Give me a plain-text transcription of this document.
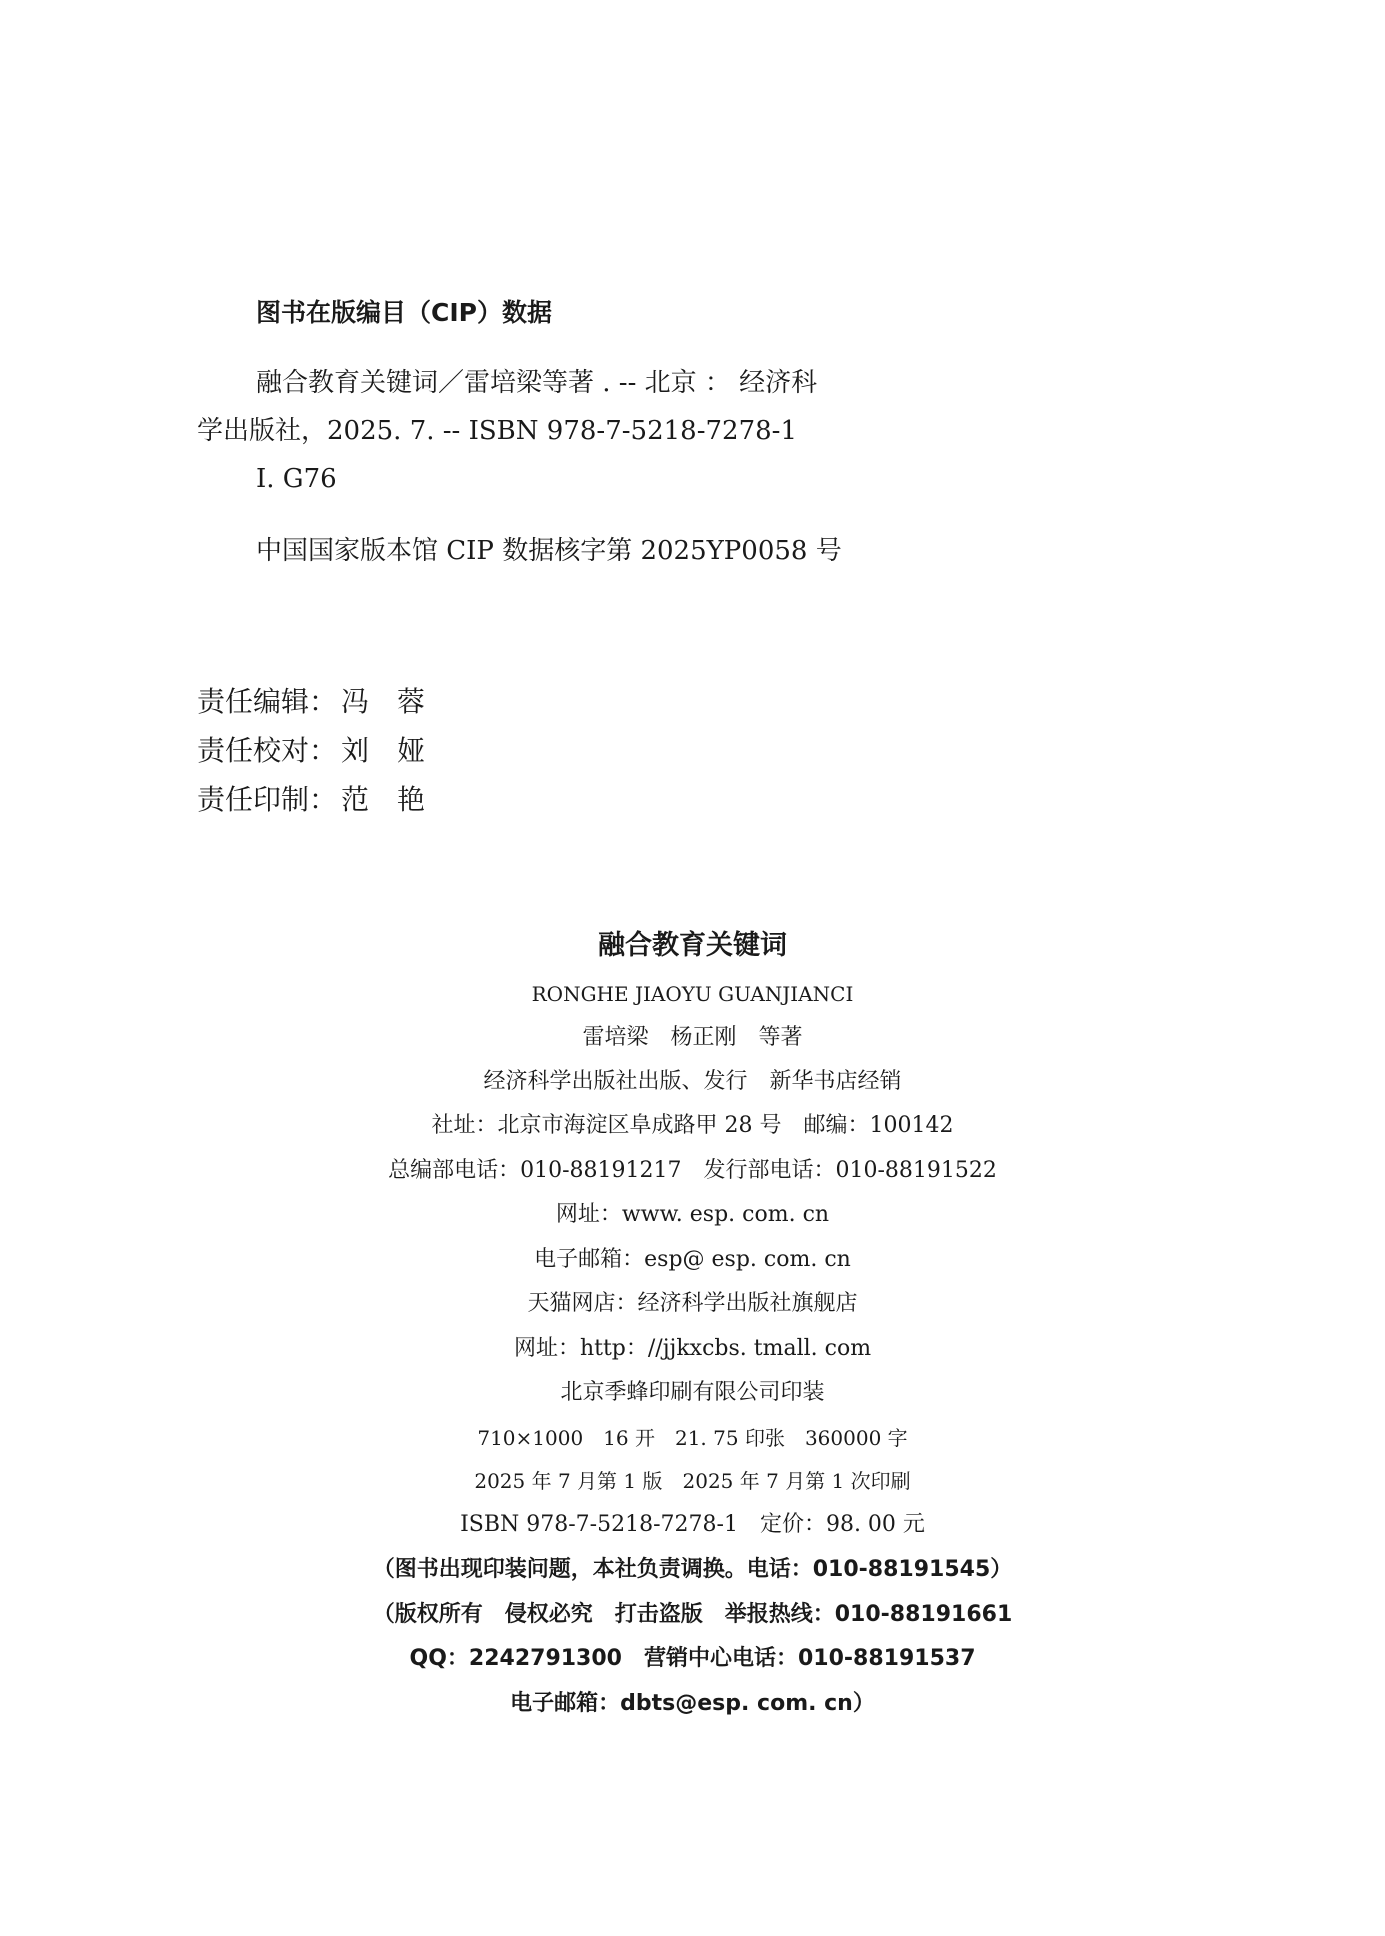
图书在版编目（CIP）数据
融合教育关键词／雷培梁等著 . -- 北京 ： 经济科
学出版社，2025. 7. -- ISBN 978-7-5218-7278-1
Ⅰ. G76
中国国家版本馆 CIP 数据核字第 2025YP0058 号
责任编辑： 冯　蓉
责任校对： 刘　娅
责任印制： 范　艳
融合教育关键词
RONGHE JIAOYU GUANJIANCI
雷培梁　杨正刚　等著
经济科学出版社出版、发行　新华书店经销
社址：北京市海淀区阜成路甲 28 号　邮编：100142
总编部电话：010-88191217　发行部电话：010-88191522
网址：www. esp. com. cn
电子邮箱：esp@ esp. com. cn
天猫网店：经济科学出版社旗舰店
网址：http：//jjkxcbs. tmall. com
北京季蜂印刷有限公司印装
710×1000　16 开　21. 75 印张　360000 字
2025 年 7 月第 1 版　2025 年 7 月第 1 次印刷
ISBN 978-7-5218-7278-1　定价：98. 00 元
（图书出现印装问题，本社负责调换。电话：010-88191545）
（版权所有　侵权必究　打击盗版　举报热线：010-88191661
QQ：2242791300　营销中心电话：010-88191537
电子邮箱：dbts@esp. com. cn）
